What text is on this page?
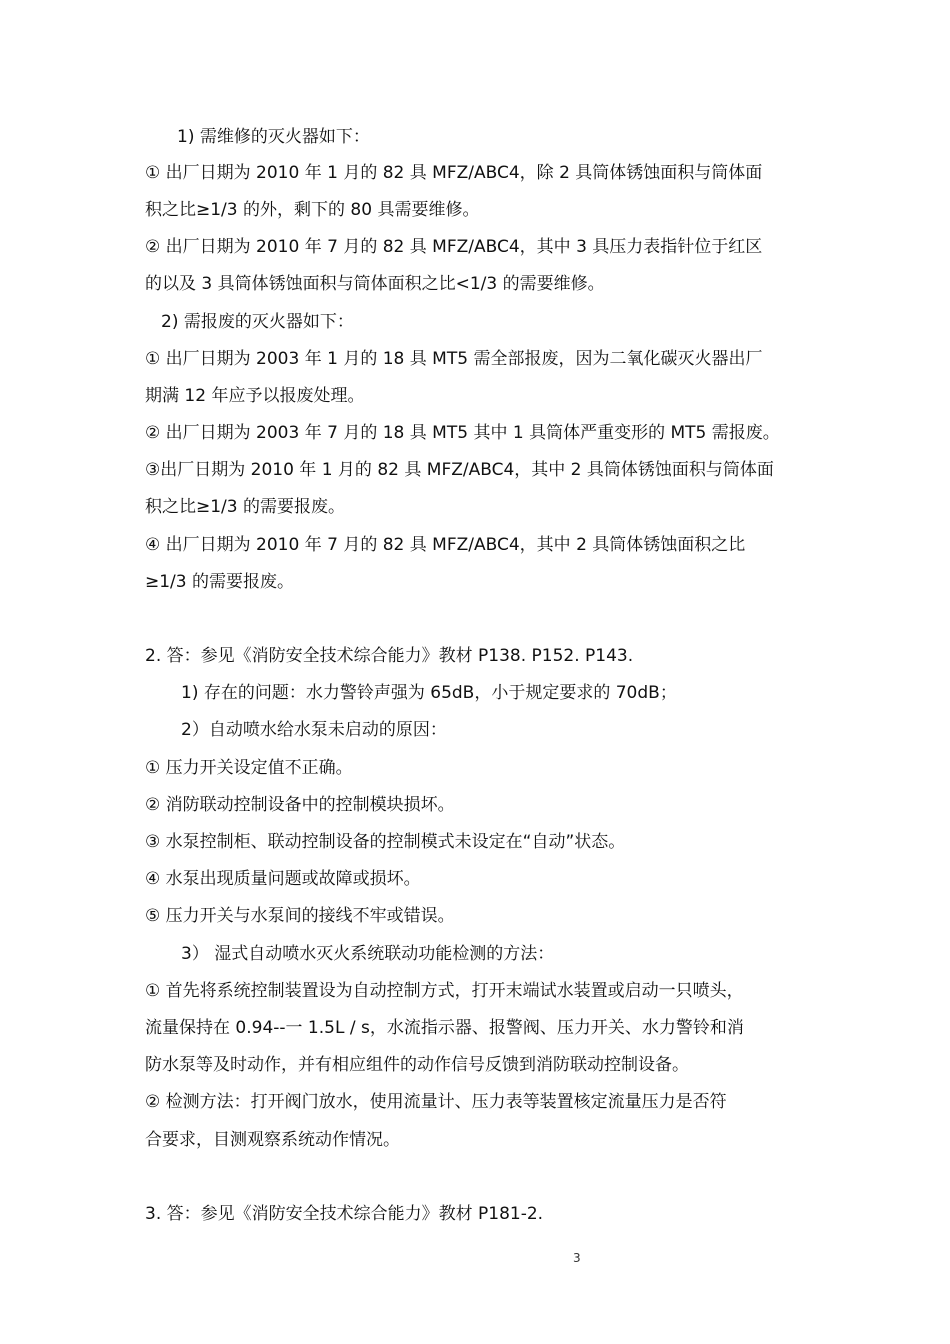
1) 需维修的灭火器如下：
① 出厂日期为 2010 年 1 月的 82 具 MFZ/ABC4，除 2 具筒体锈蚀面积与筒体面
积之比≥1/3 的外，剩下的 80 具需要维修。
② 出厂日期为 2010 年 7 月的 82 具 MFZ/ABC4，其中 3 具压力表指针位于红区
的以及 3 具筒体锈蚀面积与筒体面积之比<1/3 的需要维修。
2) 需报废的灭火器如下：
① 出厂日期为 2003 年 1 月的 18 具 MT5 需全部报废，因为二氧化碳灭火器出厂
期满 12 年应予以报废处理。
② 出厂日期为 2003 年 7 月的 18 具 MT5 其中 1 具筒体严重变形的 MT5 需报废。
③出厂日期为 2010 年 1 月的 82 具 MFZ/ABC4，其中 2 具筒体锈蚀面积与筒体面
积之比≥1/3 的需要报废。
④ 出厂日期为 2010 年 7 月的 82 具 MFZ/ABC4，其中 2 具筒体锈蚀面积之比
≥1/3 的需要报废。
2. 答：参见《消防安全技术综合能力》教材 P138. P152. P143.
1) 存在的问题：水力警铃声强为 65dB，小于规定要求的 70dB；
2）自动喷水给水泵未启动的原因：
① 压力开关设定值不正确。
② 消防联动控制设备中的控制模块损坏。
③ 水泵控制柜、联动控制设备的控制模式未设定在“自动”状态。
④ 水泵出现质量问题或故障或损坏。
⑤ 压力开关与水泵间的接线不牢或错误。
3） 湿式自动喷水灭火系统联动功能检测的方法：
① 首先将系统控制装置设为自动控制方式，打开末端试水装置或启动一只喷头，
流量保持在 0.94--一 1.5L / s，水流指示器、报警阀、压力开关、水力警铃和消
防水泵等及时动作，并有相应组件的动作信号反馈到消防联动控制设备。
② 检测方法：打开阀门放水，使用流量计、压力表等装置核定流量压力是否符
合要求，目测观察系统动作情况。
3. 答：参见《消防安全技术综合能力》教材 P181-2.
3
